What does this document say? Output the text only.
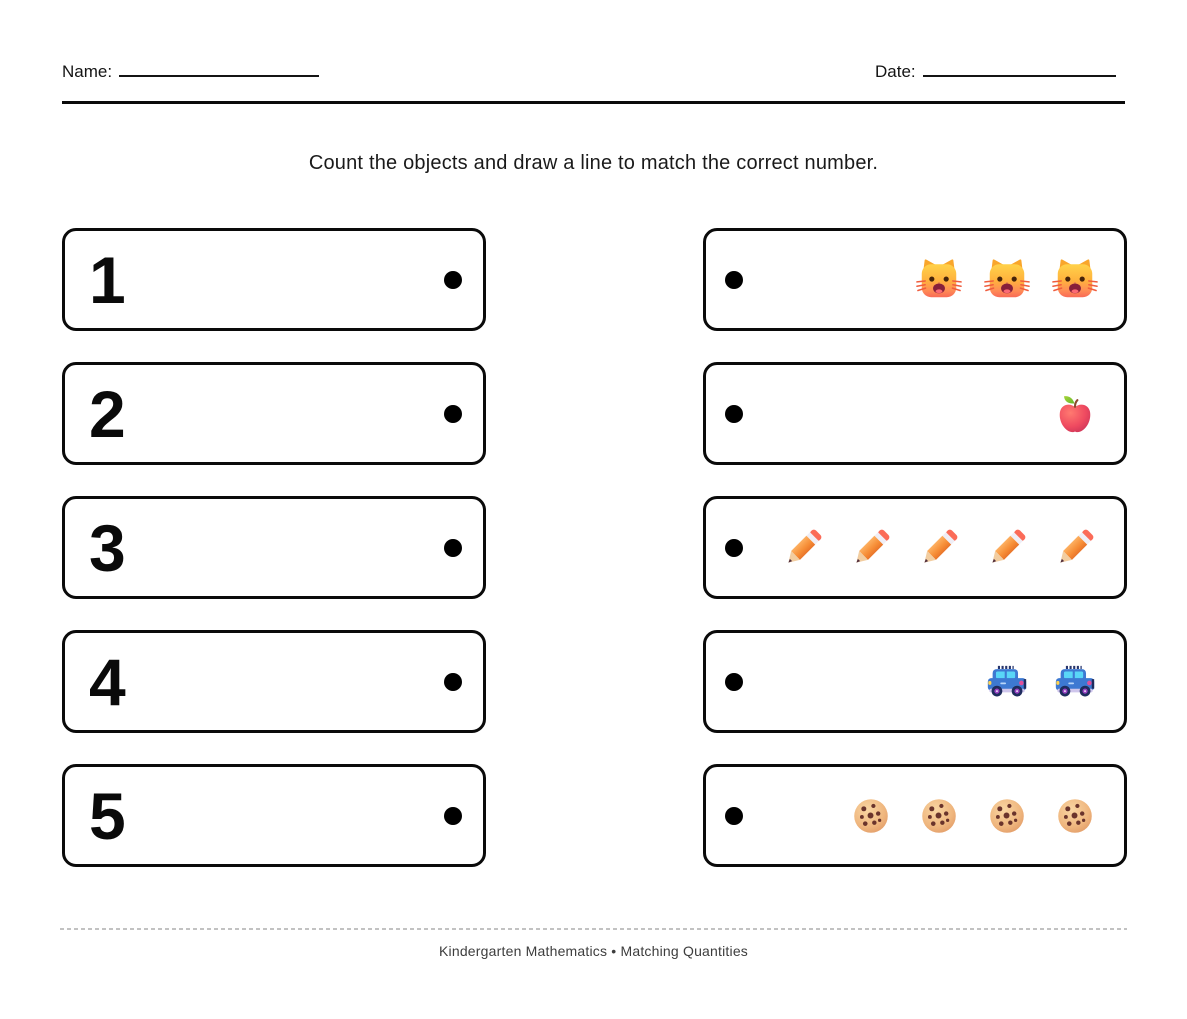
Name:	Date:
Count the objects and draw a line to match the correct number.
1
2
3
4
5
Kindergarten Mathematics • Matching Quantities
